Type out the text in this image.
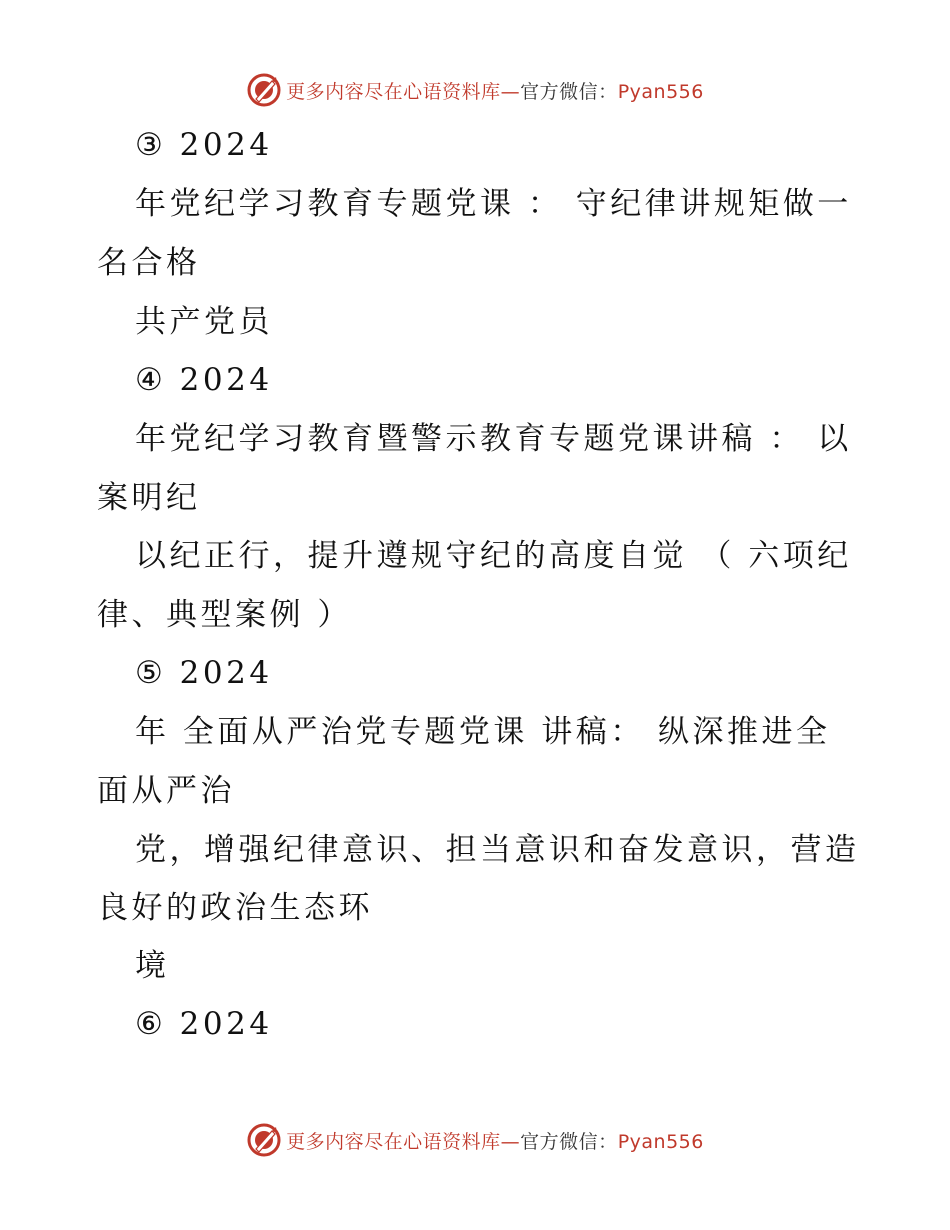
更多内容尽在心语资料库—官方微信：Pyan556
③ 2024
年党纪学习教育专题党课 ： 守纪律讲规矩做一
名合格
共产党员
④ 2024
年党纪学习教育暨警示教育专题党课讲稿 ： 以
案明纪
以纪正行，提升遵规守纪的高度自觉 （ 六项纪
律、典型案例 ）
⑤ 2024
年 全面从严治党专题党课 讲稿： 纵深推进全
面从严治
党，增强纪律意识、担当意识和奋发意识，营造
良好的政治生态环
境
⑥ 2024
更多内容尽在心语资料库—官方微信：Pyan556
